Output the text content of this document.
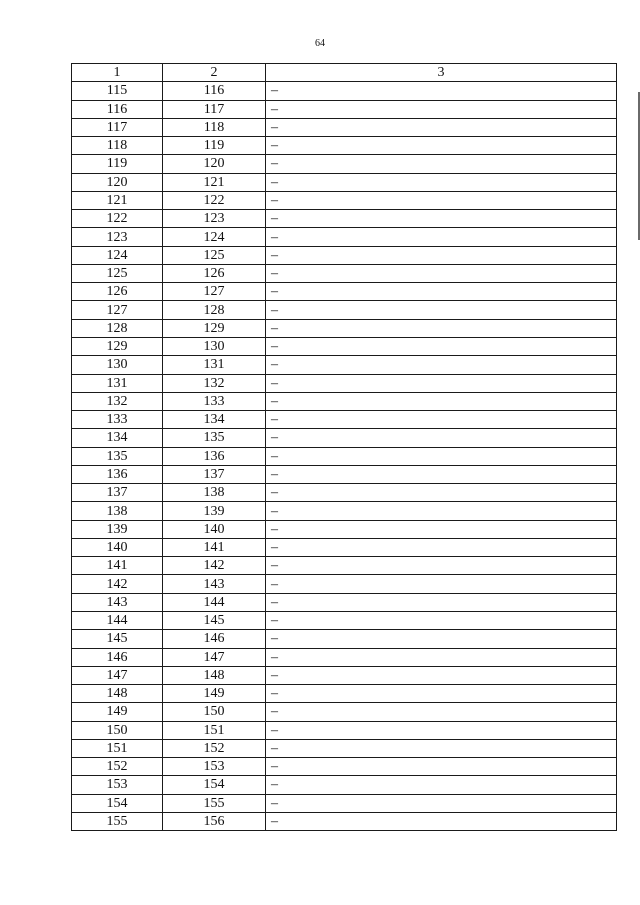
64
1	2	3
115	116	–
116	117	–
117	118	–
118	119	–
119	120	–
120	121	–
121	122	–
122	123	–
123	124	–
124	125	–
125	126	–
126	127	–
127	128	–
128	129	–
129	130	–
130	131	–
131	132	–
132	133	–
133	134	–
134	135	–
135	136	–
136	137	–
137	138	–
138	139	–
139	140	–
140	141	–
141	142	–
142	143	–
143	144	–
144	145	–
145	146	–
146	147	–
147	148	–
148	149	–
149	150	–
150	151	–
151	152	–
152	153	–
153	154	–
154	155	–
155	156	–
